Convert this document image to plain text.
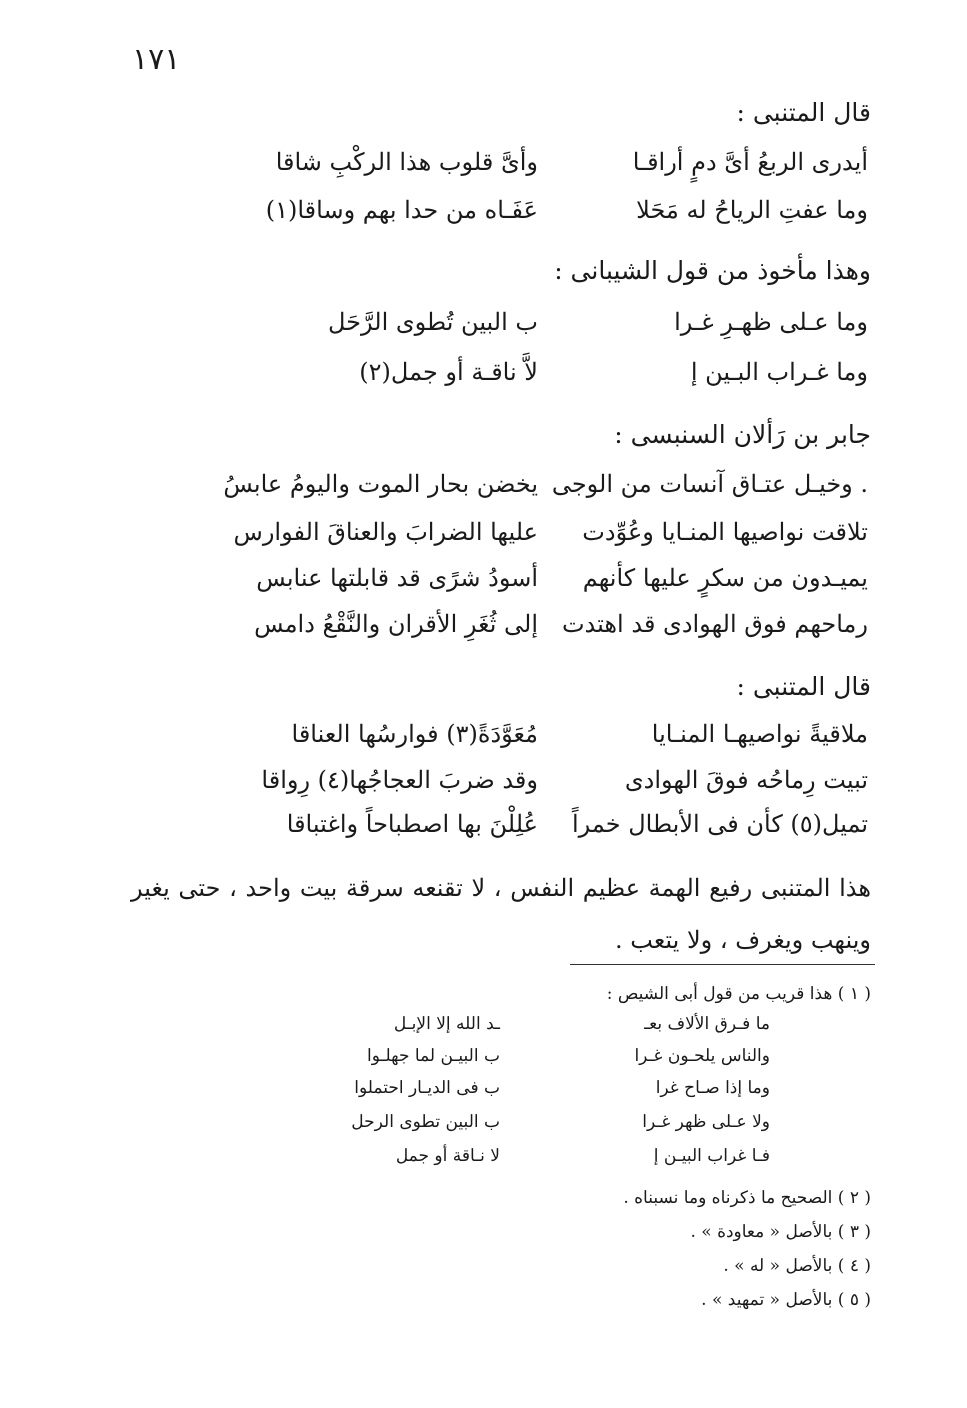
١٧١
قال المتنبى :
أيدرى الربعُ أىَّ دمٍ أراقـا
وأىَّ قلوب هذا الركْبِ شاقا
وما عفتِ الرياحُ له مَحَلا
عَفَـاه من حدا بهم وساقا(١)
وهذا مأخوذ من قول الشيبانى :
وما عـلى ظهـرِ غـرا
ب البين تُطوى الرَّحَل
وما غـراب البـين إ
لاَّ ناقـة أو جمل(٢)
جابر بن رَألان السنبسى :
. وخيـل عتـاق آنسات من الوجى
يخضن بحار الموت واليومُ عابسُ
تلاقت نواصيها المنـايا وعُوِّدت
عليها الضرابَ والعناقَ الفوارس
يميـدون من سكرٍ عليها كأنهم
أسودُ شرًى قد قابلتها عنابس
رماحهم فوق الهوادى قد اهتدت
إلى ثُغَرِ الأقران والنَّقْعُ دامس
قال المتنبى :
ملاقيةً نواصيهـا المنـايا
مُعَوَّدَةً(٣) فوارسُها العناقا
تبيت رِماحُه فوقَ الهوادى
وقد ضربَ العجاجُها(٤) رِواقا
تميل(٥) كأن فى الأبطال خمراً
عُلِلْنَ بها اصطباحاً واغتباقا
هذا المتنبى رفيع الهمة عظيم النفس ، لا تقنعه سرقة بيت واحد ، حتى يغير وينهب ويغرف ، ولا يتعب .
( ١ ) هذا قريب من قول أبى الشيص :
ما فـرق الألاف بعـ
ـد الله إلا الإبـل
والناس يلحـون غـرا
ب البيـن لما جهلـوا
وما إذا صـاح غرا
ب فى الديـار احتملوا
ولا عـلى ظهر غـرا
ب البين تطوى الرحل
فـا غراب البيـن إ
لا نـاقة أو جمل
( ٢ ) الصحيح ما ذكرناه وما نسبناه .
( ٣ ) بالأصل « معاودة » .
( ٤ ) بالأصل « له » .
( ٥ ) بالأصل « تمهيد » .
